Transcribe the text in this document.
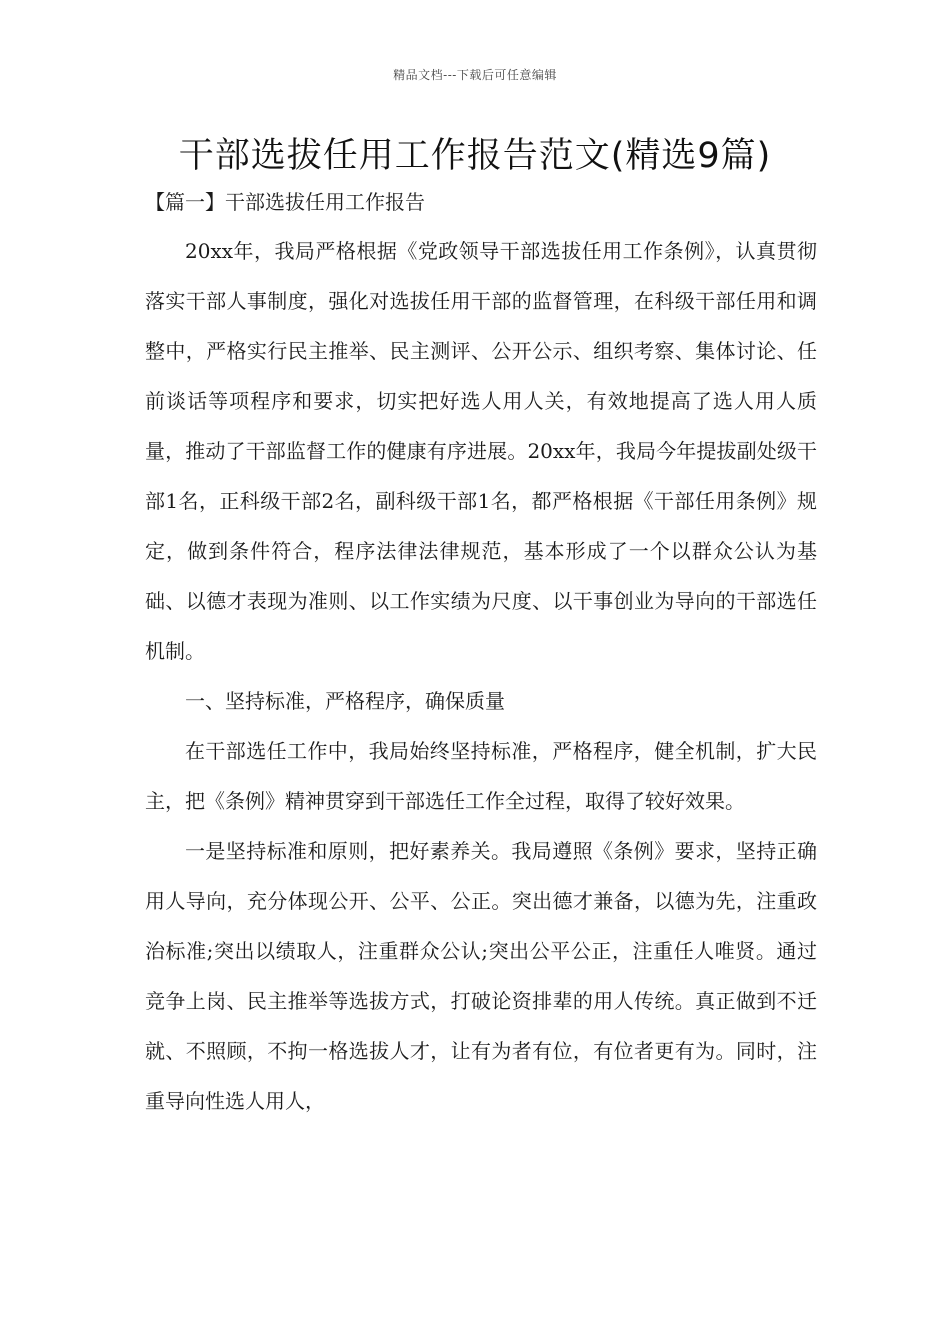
精品文档---下载后可任意编辑
干部选拔任用工作报告范文(精选9篇)
【篇一】干部选拔任用工作报告

20xx年，我局严格根据《党政领导干部选拔任用工作条例》，认真贯彻落实干部人事制度，强化对选拔任用干部的监督管理，在科级干部任用和调整中，严格实行民主推举、民主测评、公开公示、组织考察、集体讨论、任前谈话等项程序和要求，切实把好选人用人关，有效地提高了选人用人质量，推动了干部监督工作的健康有序进展。20xx年，我局今年提拔副处级干部1名，正科级干部2名，副科级干部1名，都严格根据《干部任用条例》规定，做到条件符合，程序法律法律规范，基本形成了一个以群众公认为基础、以德才表现为准则、以工作实绩为尺度、以干事创业为导向的干部选任机制。

一、坚持标准，严格程序，确保质量

在干部选任工作中，我局始终坚持标准，严格程序，健全机制，扩大民主，把《条例》精神贯穿到干部选任工作全过程，取得了较好效果。

一是坚持标准和原则，把好素养关。我局遵照《条例》要求，坚持正确用人导向，充分体现公开、公平、公正。突出德才兼备，以德为先，注重政治标准;突出以绩取人，注重群众公认;突出公平公正，注重任人唯贤。通过竞争上岗、民主推举等选拔方式，打破论资排辈的用人传统。真正做到不迁就、不照顾，不拘一格选拔人才，让有为者有位，有位者更有为。同时，注重导向性选人用人，
